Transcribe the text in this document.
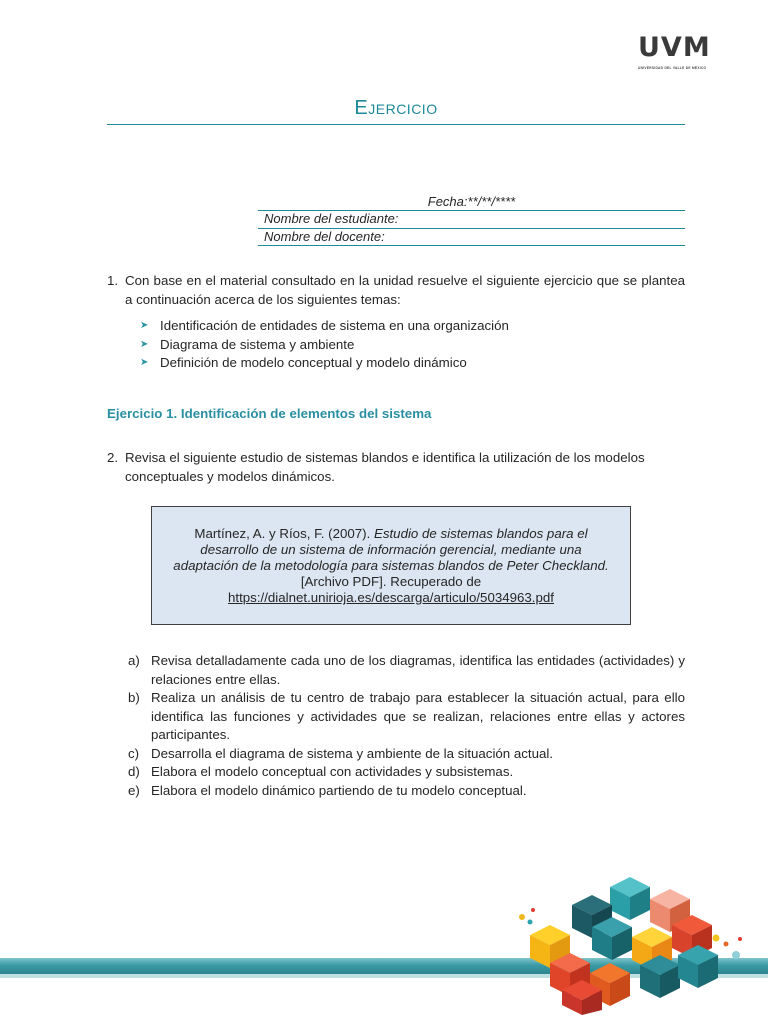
UVM
UNIVERSIDAD DEL VALLE DE MÉXICO
Ejercicio
Fecha:**/**/****
Nombre del estudiante:
Nombre del docente:
1. Con base en el material consultado en la unidad resuelve el siguiente ejercicio que se plantea a continuación acerca de los siguientes temas:
➤ Identificación de entidades de sistema en una organización
➤ Diagrama de sistema y ambiente
➤ Definición de modelo conceptual y modelo dinámico
Ejercicio 1. Identificación de elementos del sistema
2. Revisa el siguiente estudio de sistemas blandos e identifica la utilización de los modelos conceptuales y modelos dinámicos.
Martínez, A. y Ríos, F. (2007). Estudio de sistemas blandos para el
desarrollo de un sistema de información gerencial, mediante una
adaptación de la metodología para sistemas blandos de Peter Checkland.
[Archivo PDF]. Recuperado de
https://dialnet.unirioja.es/descarga/articulo/5034963.pdf
a) Revisa detalladamente cada uno de los diagramas, identifica las entidades (actividades) y relaciones entre ellas.
b) Realiza un análisis de tu centro de trabajo para establecer la situación actual, para ello identifica las funciones y actividades que se realizan, relaciones entre ellas y actores participantes.
c) Desarrolla el diagrama de sistema y ambiente de la situación actual.
d) Elabora el modelo conceptual con actividades y subsistemas.
e) Elabora el modelo dinámico partiendo de tu modelo conceptual.
